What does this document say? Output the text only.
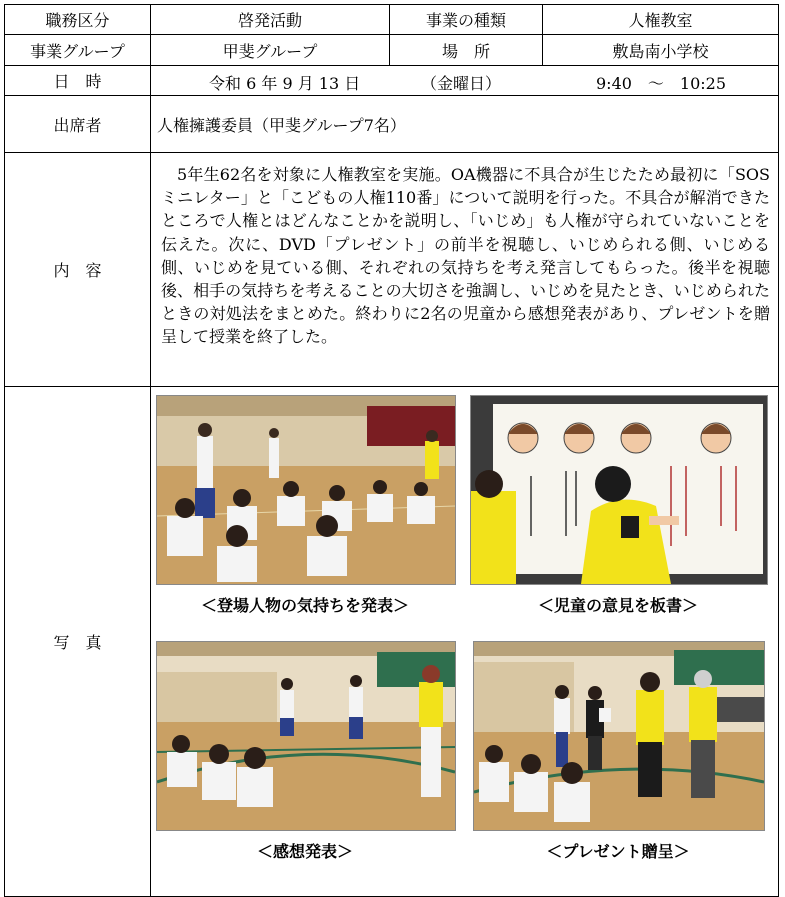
職務区分	啓発活動	事業の種類	人権教室
事業グループ	甲斐グループ	場　所	敷島南小学校
日　時	令和 6 年 9 月 13 日 （金曜日） 9:40　～　10:25		

出席者	人権擁護委員（甲斐グループ7名）		
内　容	5年生62名を対象に人権教室を実施。OA機器に不具合が生じたため最初に「SOSミニレター」と「こどもの人権110番」について説明を行った。不具合が解消できたところで人権とはどんなことかを説明し、「いじめ」も人権が守られていないことを伝えた。次に、DVD「プレゼント」の前半を視聴し、いじめられる側、いじめる側、いじめを見ている側、それぞれの気持ちを考え発言してもらった。後半を視聴後、相手の気持ちを考えることの大切さを強調し、いじめを見たとき、いじめられたときの対処法をまとめた。終わりに2名の児童から感想発表があり、プレゼントを贈呈して授業を終了した。		
写　真	＜登場人物の気持ちを発表＞ ＜児童の意見を板書＞
＜感想発表＞ ＜プレゼント贈呈＞		
